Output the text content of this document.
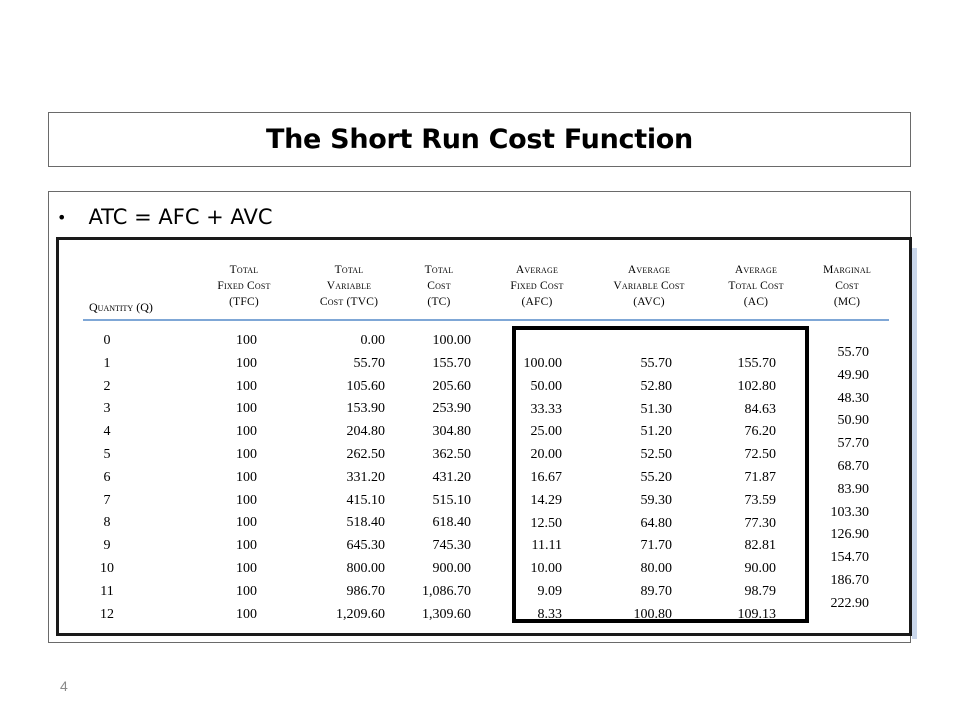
The Short Run Cost Function
• ATC = AFC + AVC
Total
Fixed Cost
(TFC)
Total
Variable
Cost (TVC)
Total
Cost
(TC)
Average
Fixed Cost
(AFC)
Average
Variable Cost
(AVC)
Average
Total Cost
(AC)
Marginal
Cost
(MC)
Quantity (Q)
0
1
2
3
4
5
6
7
8
9
10
11
12
100
100
100
100
100
100
100
100
100
100
100
100
100
0.00
55.70
105.60
153.90
204.80
262.50
331.20
415.10
518.40
645.30
800.00
986.70
1,209.60
100.00
155.70
205.60
253.90
304.80
362.50
431.20
515.10
618.40
745.30
900.00
1,086.70
1,309.60
100.00
50.00
33.33
25.00
20.00
16.67
14.29
12.50
11.11
10.00
9.09
8.33
55.70
52.80
51.30
51.20
52.50
55.20
59.30
64.80
71.70
80.00
89.70
100.80
155.70
102.80
84.63
76.20
72.50
71.87
73.59
77.30
82.81
90.00
98.79
109.13
55.70
49.90
48.30
50.90
57.70
68.70
83.90
103.30
126.90
154.70
186.70
222.90
4
